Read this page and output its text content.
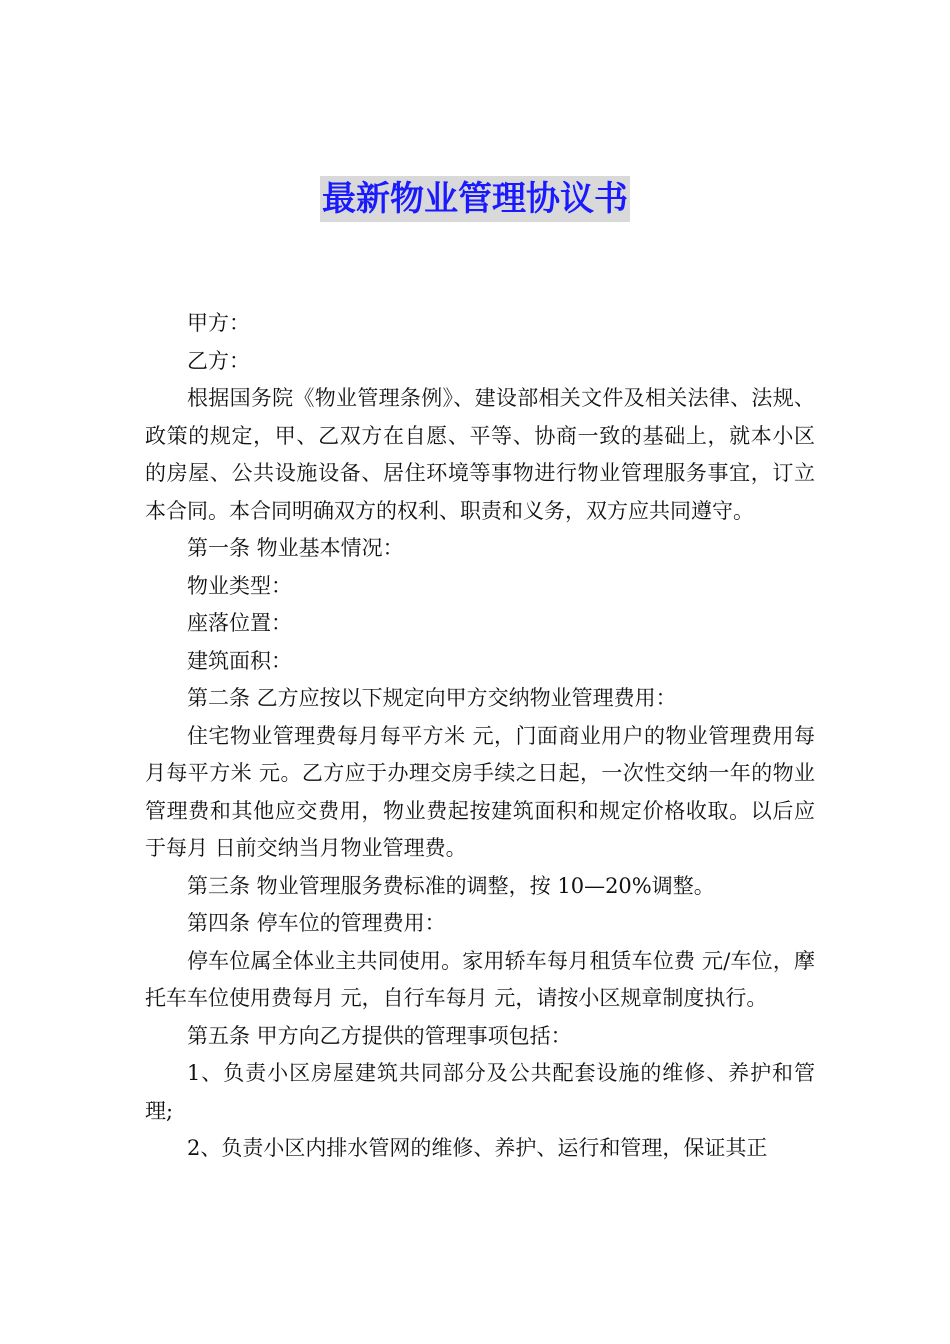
最新物业管理协议书

甲方：

乙方：

根据国务院《物业管理条例》、建设部相关文件及相关法律、法规、政策的规定，甲、乙双方在自愿、平等、协商一致的基础上，就本小区的房屋、公共设施设备、居住环境等事物进行物业管理服务事宜，订立本合同。本合同明确双方的权利、职责和义务，双方应共同遵守。

第一条 物业基本情况：

物业类型：

座落位置：

建筑面积：

第二条 乙方应按以下规定向甲方交纳物业管理费用：

住宅物业管理费每月每平方米 元，门面商业用户的物业管理费用每月每平方米 元。乙方应于办理交房手续之日起，一次性交纳一年的物业管理费和其他应交费用，物业费起按建筑面积和规定价格收取。以后应于每月 日前交纳当月物业管理费。

第三条 物业管理服务费标准的调整，按 10—20%调整。

第四条 停车位的管理费用：

停车位属全体业主共同使用。家用轿车每月租赁车位费 元/车位，摩托车车位使用费每月 元，自行车每月 元，请按小区规章制度执行。

第五条 甲方向乙方提供的管理事项包括：

1、负责小区房屋建筑共同部分及公共配套设施的维修、养护和管理;

2、负责小区内排水管网的维修、养护、运行和管理，保证其正
